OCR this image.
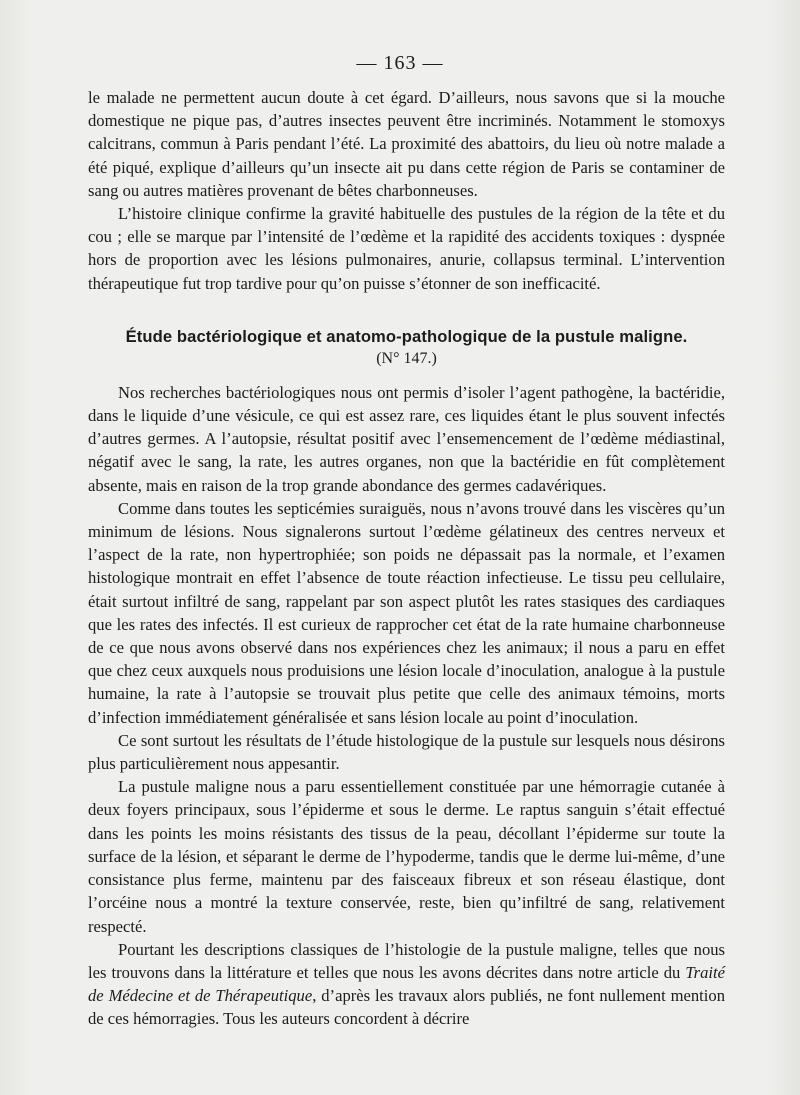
— 163 —

le malade ne permettent aucun doute à cet égard. D’ailleurs, nous savons que si la mouche domestique ne pique pas, d’autres insectes peuvent être incriminés. Notamment le stomoxys calcitrans, commun à Paris pendant l’été. La proximité des abattoirs, du lieu où notre malade a été piqué, explique d’ailleurs qu’un insecte ait pu dans cette région de Paris se contaminer de sang ou autres matières provenant de bêtes charbonneuses.

L’histoire clinique confirme la gravité habituelle des pustules de la région de la tête et du cou ; elle se marque par l’intensité de l’œdème et la rapidité des accidents toxiques : dyspnée hors de proportion avec les lésions pulmonaires, anurie, collapsus terminal. L’intervention thérapeutique fut trop tardive pour qu’on puisse s’étonner de son inefficacité.

Étude bactériologique et anatomo-pathologique de la pustule maligne.
(N° 147.)

Nos recherches bactériologiques nous ont permis d’isoler l’agent pathogène, la bactéridie, dans le liquide d’une vésicule, ce qui est assez rare, ces liquides étant le plus souvent infectés d’autres germes. A l’autopsie, résultat positif avec l’ensemencement de l’œdème médiastinal, négatif avec le sang, la rate, les autres organes, non que la bactéridie en fût complètement absente, mais en raison de la trop grande abondance des germes cadavériques.

Comme dans toutes les septicémies suraiguës, nous n’avons trouvé dans les viscères qu’un minimum de lésions. Nous signalerons surtout l’œdème gélatineux des centres nerveux et l’aspect de la rate, non hypertrophiée; son poids ne dépassait pas la normale, et l’examen histologique montrait en effet l’absence de toute réaction infectieuse. Le tissu peu cellulaire, était surtout infiltré de sang, rappelant par son aspect plutôt les rates stasiques des cardiaques que les rates des infectés. Il est curieux de rapprocher cet état de la rate humaine charbonneuse de ce que nous avons observé dans nos expériences chez les animaux; il nous a paru en effet que chez ceux auxquels nous produisions une lésion locale d’inoculation, analogue à la pustule humaine, la rate à l’autopsie se trouvait plus petite que celle des animaux témoins, morts d’infection immédiatement généralisée et sans lésion locale au point d’inoculation.

Ce sont surtout les résultats de l’étude histologique de la pustule sur lesquels nous désirons plus particulièrement nous appesantir.

La pustule maligne nous a paru essentiellement constituée par une hémorragie cutanée à deux foyers principaux, sous l’épiderme et sous le derme. Le raptus sanguin s’était effectué dans les points les moins résistants des tissus de la peau, décollant l’épiderme sur toute la surface de la lésion, et séparant le derme de l’hypoderme, tandis que le derme lui-même, d’une consistance plus ferme, maintenu par des faisceaux fibreux et son réseau élastique, dont l’orcéine nous a montré la texture conservée, reste, bien qu’infiltré de sang, relativement respecté.

Pourtant les descriptions classiques de l’histologie de la pustule maligne, telles que nous les trouvons dans la littérature et telles que nous les avons décrites dans notre article du Traité de Médecine et de Thérapeutique, d’après les travaux alors publiés, ne font nullement mention de ces hémorragies. Tous les auteurs concordent à décrire
